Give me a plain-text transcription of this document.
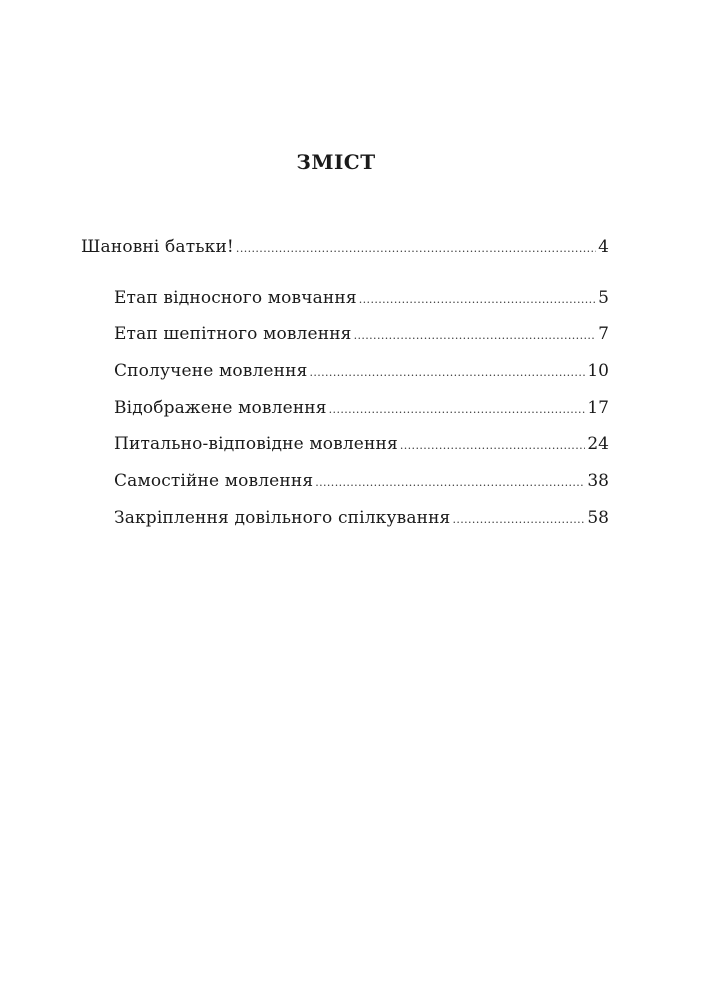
ЗМІСТ
Шановні батьки! .....	4
Етап відносного мовчання .....	5
Етап шепітного мовлення .....	7
Сполучене мовлення .....	10
Відображене мовлення .....	17
Питально-відповідне мовлення .....	24
Самостійне мовлення .....	38
Закріплення довільного спілкування .....	58
